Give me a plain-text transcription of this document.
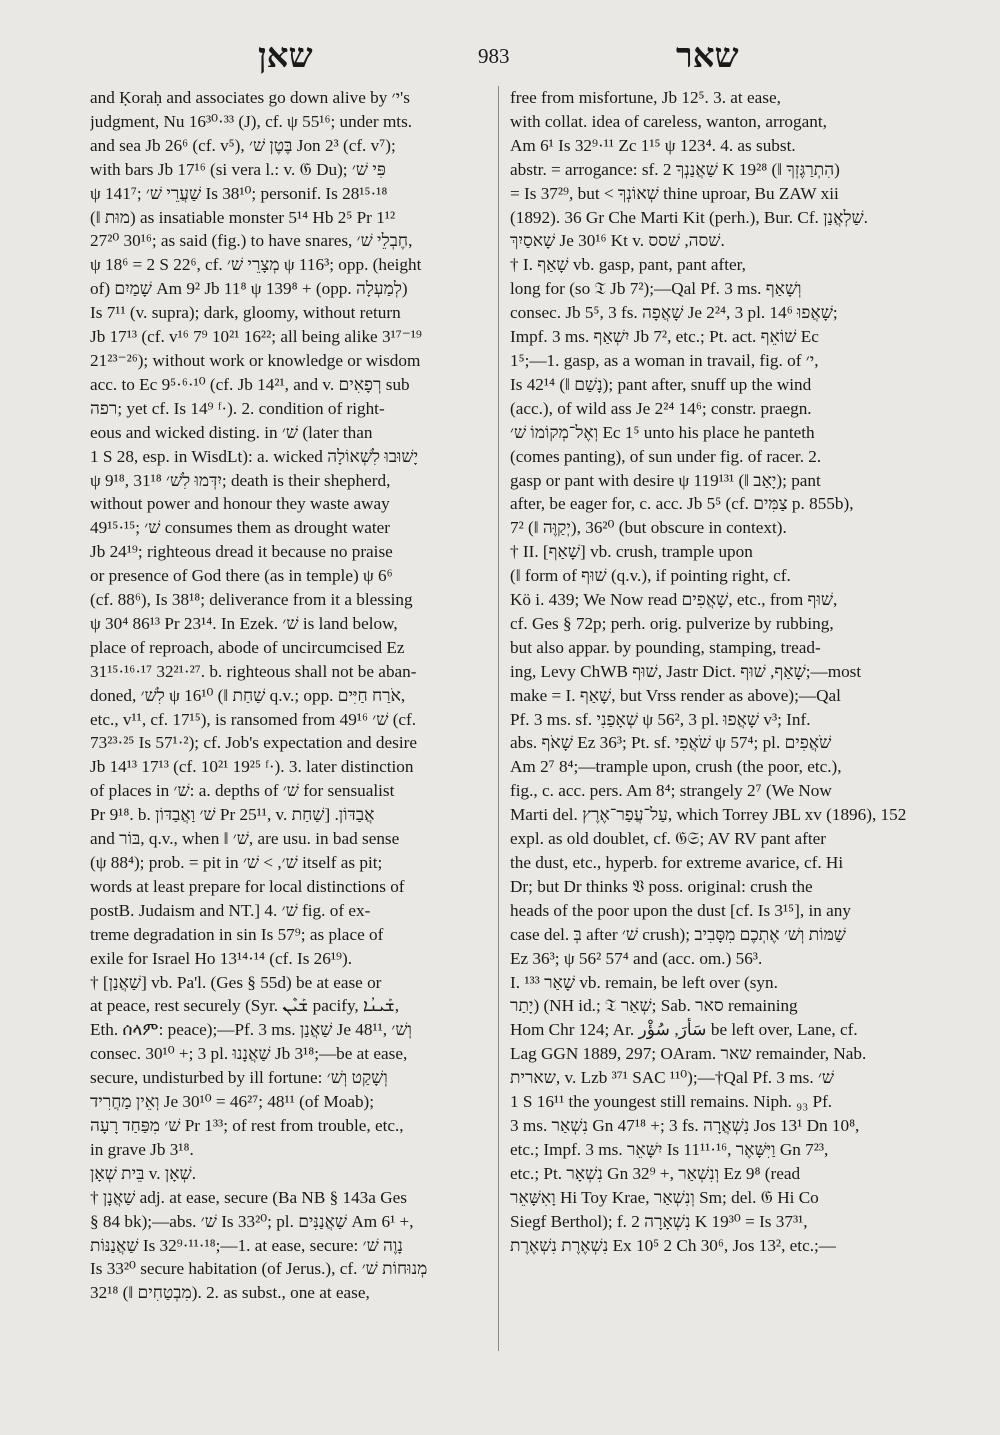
שאן	983	שאר
and Ḳoraḥ and associates go down alive by י׳'s
judgment, Nu 16³⁰·³³ (J), cf. ψ 55¹⁶; under mts.
and sea Jb 26⁶ (cf. v⁵), בֶּטֶן שׁ׳ Jon 2³ (cf. v⁷);
with bars Jb 17¹⁶ (si vera l.: v. 𝔊 Du); פִּי שׁ׳
ψ 141⁷; שַׁעֲרֵי שׁ׳ Is 38¹⁰; personif. Is 28¹⁵·¹⁸
(‖ מוּת) as insatiable monster 5¹⁴ Hb 2⁵ Pr 1¹²
27²⁰ 30¹⁶; as said (fig.) to have snares, חֶבְלֵי שׁ׳,
ψ 18⁶ = 2 S 22⁶, cf. מְצָרֵי שׁ׳ ψ 116³; opp. (height
of) שָׁמַיִם Am 9² Jb 11⁸ ψ 139⁸ + (opp. לְמַעְלָה)
Is 7¹¹ (v. supra); dark, gloomy, without return
Jb 17¹³ (cf. v¹⁶ 7⁹ 10²¹ 16²²; all being alike 3¹⁷⁻¹⁹
21²³⁻²⁶); without work or knowledge or wisdom
acc. to Ec 9⁵·⁶·¹⁰ (cf. Jb 14²¹, and v. רְפָאִים sub
רפה; yet cf. Is 14⁹ ᶠ·). 2. condition of right-
eous and wicked disting. in שׁ׳ (later than
1 S 28, esp. in WisdLt): a. wicked יָשׁוּבוּ לִשְׁאוֹלָה
ψ 9¹⁸, יִדְּמוּ לִשׁ׳ 31¹⁸; death is their shepherd,
without power and honour they waste away
49¹⁵·¹⁵; שׁ׳ consumes them as drought water
Jb 24¹⁹; righteous dread it because no praise
or presence of God there (as in temple) ψ 6⁶
(cf. 88⁶), Is 38¹⁸; deliverance from it a blessing
ψ 30⁴ 86¹³ Pr 23¹⁴. In Ezek. שׁ׳ is land below,
place of reproach, abode of uncircumcised Ez
31¹⁵·¹⁶·¹⁷ 32²¹·²⁷. b. righteous shall not be aban-
doned, לִשׁ׳ ψ 16¹⁰ (‖ שַׁחַת q.v.; opp. אֹרַח חַיִּים,
etc., v¹¹, cf. 17¹⁵), is ransomed from שׁ׳ 49¹⁶ (cf.
73²³·²⁵ Is 57¹·²); cf. Job's expectation and desire
Jb 14¹³ 17¹³ (cf. 10²¹ 19²⁵ ᶠ·). 3. later distinction
of places in שׁ׳: a. depths of שׁ׳ for sensualist
Pr 9¹⁸. b. שׁ׳ וַאֲבַדּוֹן Pr 25¹¹, v. אֲבַדּוֹן. [שַׁחַת
and בּוֹר, q.v., when ‖ שׁ׳, are usu. in bad sense
(ψ 88⁴); prob. = pit in שׁ׳, > שׁ׳ itself as pit;
words at least prepare for local distinctions of
postB. Judaism and NT.] 4. שׁ׳ fig. of ex-
treme degradation in sin Is 57⁹; as place of
exile for Israel Ho 13¹⁴·¹⁴ (cf. Is 26¹⁹).
† [שַׁאֲנַן] vb. Pa'l. (Ges § 55d) be at ease or
at peace, rest securely (Syr. ܫܰܝܶܢ pacify, ܫܰܝܢܳܐ,
Eth. ሰላም: peace);—Pf. 3 ms. שַׁאֲנַן Je 48¹¹, וְשׁ׳
consec. 30¹⁰ +; 3 pl. שַׁאֲנָנוּ Jb 3¹⁸;—be at ease,
secure, undisturbed by ill fortune: וְשָׁקַט וְשׁ׳
וְאֵין מַחֲרִיד Je 30¹⁰ = 46²⁷; 48¹¹ (of Moab);
שׁ׳ מִפַּחַד רָעָה Pr 1³³; of rest from trouble, etc.,
in grave Jb 3¹⁸.
בֵּית שְׁאָן v. שְׁאָן.
† שַׁאֲנָן adj. at ease, secure (Ba NB § 143a Ges
§ 84 bk);—abs. שׁ׳ Is 33²⁰; pl. שַׁאֲנַנִּים Am 6¹ +,
שַׁאֲנַנּוֹת Is 32⁹·¹¹·¹⁸;—1. at ease, secure: נָוֶה שׁ׳
Is 33²⁰ secure habitation (of Jerus.), cf. מְנוּחוֹת שׁ׳
32¹⁸ (‖ מִבְטַחִים). 2. as subst., one at ease,
free from misfortune, Jb 12⁵. 3. at ease,
with collat. idea of careless, wanton, arrogant,
Am 6¹ Is 32⁹·¹¹ Zc 1¹⁵ ψ 123⁴. 4. as subst.
abstr. = arrogance: sf. שַׁאֲנַנְךָ 2 K 19²⁸ (‖ הִתְרַגֶּזְךָ)
= Is 37²⁹, but < שְׁאוֹנְךָ thine uproar, Bu ZAW xii
(1892). 36 Gr Che Marti Kit (perh.), Bur. Cf. שַׁלְאֲנַן.
שָׁאסַיִךְ Je 30¹⁶ Kt v. שׁסה, שׁסס.
† I. שָׁאַף vb. gasp, pant, pant after,
long for (so 𝔗 Jb 7²);—Qal Pf. 3 ms. וְשָׁאַף
consec. Jb 5⁵, 3 fs. שָׁאֲפָה Je 2²⁴, 3 pl. שָׁאֲפוּ 14⁶;
Impf. 3 ms. יִשְׁאַף Jb 7², etc.; Pt. act. שׁוֹאֵף Ec
1⁵;—1. gasp, as a woman in travail, fig. of י׳,
Is 42¹⁴ (‖ נָשַׁם); pant after, snuff up the wind
(acc.), of wild ass Je 2²⁴ 14⁶; constr. praegn.
וְאֶל־מְקוֹמוֹ שׁ׳ Ec 1⁵ unto his place he panteth
(comes panting), of sun under fig. of racer. 2.
gasp or pant with desire ψ 119¹³¹ (‖ יָאַב); pant
after, be eager for, c. acc. Jb 5⁵ (cf. צַמִּים p. 855b),
7² (‖ יְקַוֶּה), 36²⁰ (but obscure in context).
† II. [שָׁאַף] vb. crush, trample upon
(‖ form of שׁוּף (q.v.), if pointing right, cf.
Kö i. 439; We Now read שָׁאֲפִים, etc., from שׁוּף,
cf. Ges § 72p; perh. orig. pulverize by rubbing,
but also appar. by pounding, stamping, tread-
ing, Levy ChWB שׁוּף, Jastr Dict. שָׁאַף, שׁוּף;—most
make = I. שָׁאַף, but Vrss render as above);—Qal
Pf. 3 ms. sf. שְׁאָפַנִי ψ 56², 3 pl. שָׁאֲפוּ v³; Inf.
abs. שָׁאֹף Ez 36³; Pt. sf. שֹׁאֲפִי ψ 57⁴; pl. שֹׁאֲפִים
Am 2⁷ 8⁴;—trample upon, crush (the poor, etc.),
fig., c. acc. pers. Am 8⁴; strangely 2⁷ (We Now
Marti del. עַל־עֲפַר־אֶרֶץ, which Torrey JBL xv (1896), 152
expl. as old doublet, cf. 𝔊𝔖; AV RV pant after
the dust, etc., hyperb. for extreme avarice, cf. Hi
Dr; but Dr thinks 𝔙 poss. original: crush the
heads of the poor upon the dust [cf. Is 3¹⁵], in any
case del. בְּ after שׁ׳ crush); שַׁמּוֹת וְשׁ׳ אֶתְכֶם מִסָּבִיב
Ez 36³; ψ 56² 57⁴ and (acc. om.) 56³.
I. שָׁאַר ¹³³ vb. remain, be left over (syn.
יָתַר) (NH id.; 𝔗 שְׁאַר; Sab. סאר remaining
Hom Chr 124; Ar. سَأَرَ, سُؤْر be left over, Lane, cf.
Lag GGN 1889, 297; OAram. שאר remainder, Nab.
שארית, v. Lzb ³⁷¹ SAC ¹¹⁰);—†Qal Pf. 3 ms. שׁ׳
1 S 16¹¹ the youngest still remains. Niph. ₉₃ Pf.
3 ms. נִשְׁאַר Gn 47¹⁸ +; 3 fs. נִשְׁאֲרָה Jos 13¹ Dn 10⁸,
etc.; Impf. 3 ms. יִשָּׁאֵר Is 11¹¹·¹⁶, וַיִּשָּׁאֶר Gn 7²³,
etc.; Pt. נִשְׁאָר Gn 32⁹ +, וְנִשְׁאַר Ez 9⁸ (read
וָאִשָּׁאֵר Hi Toy Krae, וְנִשְׁאַר Sm; del. 𝔊 Hi Co
Siegf Berthol); f. נִשְׁאָרָה 2 K 19³⁰ = Is 37³¹,
נִשְׁאֶרֶת נִשְׁאֶרֶת Ex 10⁵ 2 Ch 30⁶, Jos 13², etc.;—
